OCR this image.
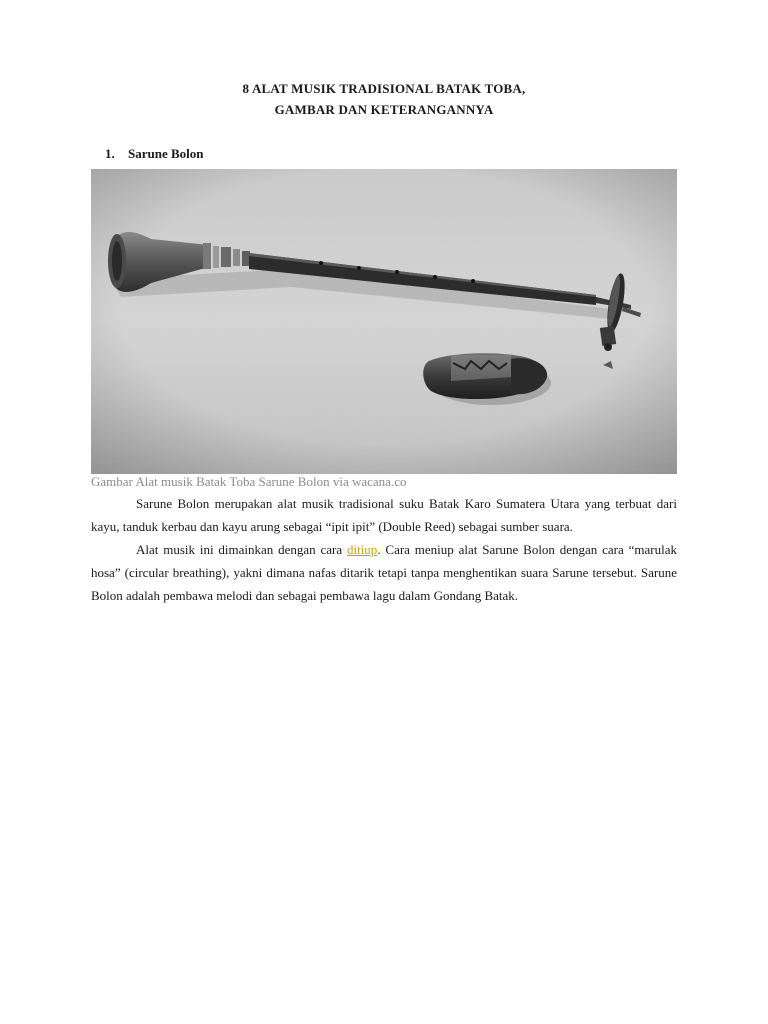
8 ALAT MUSIK TRADISIONAL BATAK TOBA,
GAMBAR DAN KETERANGANNYA
1. Sarune Bolon
Gambar Alat musik Batak Toba Sarune Bolon via wacana.co

Sarune Bolon merupakan alat musik tradisional suku Batak Karo Sumatera Utara yang terbuat dari kayu, tanduk kerbau dan kayu arung sebagai “ipit ipit” (Double Reed) sebagai sumber suara.

Alat musik ini dimainkan dengan cara ditiup. Cara meniup alat Sarune Bolon dengan cara “marulak hosa” (circular breathing), yakni dimana nafas ditarik tetapi tanpa menghentikan suara Sarune tersebut. Sarune Bolon adalah pembawa melodi dan sebagai pembawa lagu dalam Gondang Batak.
